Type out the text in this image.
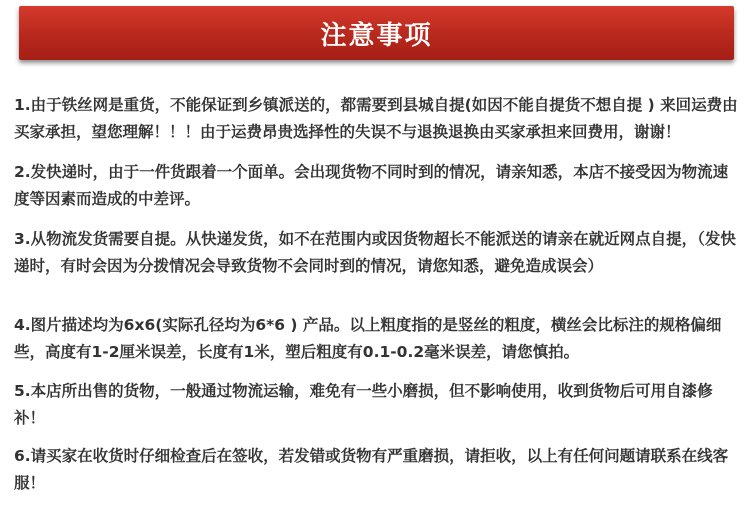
注意事项

1.由于铁丝网是重货，不能保证到乡镇派送的，都需要到县城自提(如因不能自提货不想自提 ) 来回运费由买家承担，望您理解！！！由于运费昂贵选择性的失误不与退换退换由买家承担来回费用，谢谢！

2.发快递时，由于一件货跟着一个面单。会出现货物不同时到的情况，请亲知悉，本店不接受因为物流速度等因素而造成的中差评。

3.从物流发货需要自提。从快递发货，如不在范围内或因货物超长不能派送的请亲在就近网点自提，（发快递时，有时会因为分拨情况会导致货物不会同时到的情况，请您知悉，避免造成误会）

4.图片描述均为6x6(实际孔径均为6*6 ) 产品。以上粗度指的是竖丝的粗度，横丝会比标注的规格偏细些，高度有1-2厘米误差，长度有1米，塑后粗度有0.1-0.2毫米误差，请您慎拍。

5.本店所出售的货物，一般通过物流运输，难免有一些小磨损，但不影响使用，收到货物后可用自漆修补！

6.请买家在收货时仔细检查后在签收，若发错或货物有严重磨损，请拒收，以上有任何问题请联系在线客服！
